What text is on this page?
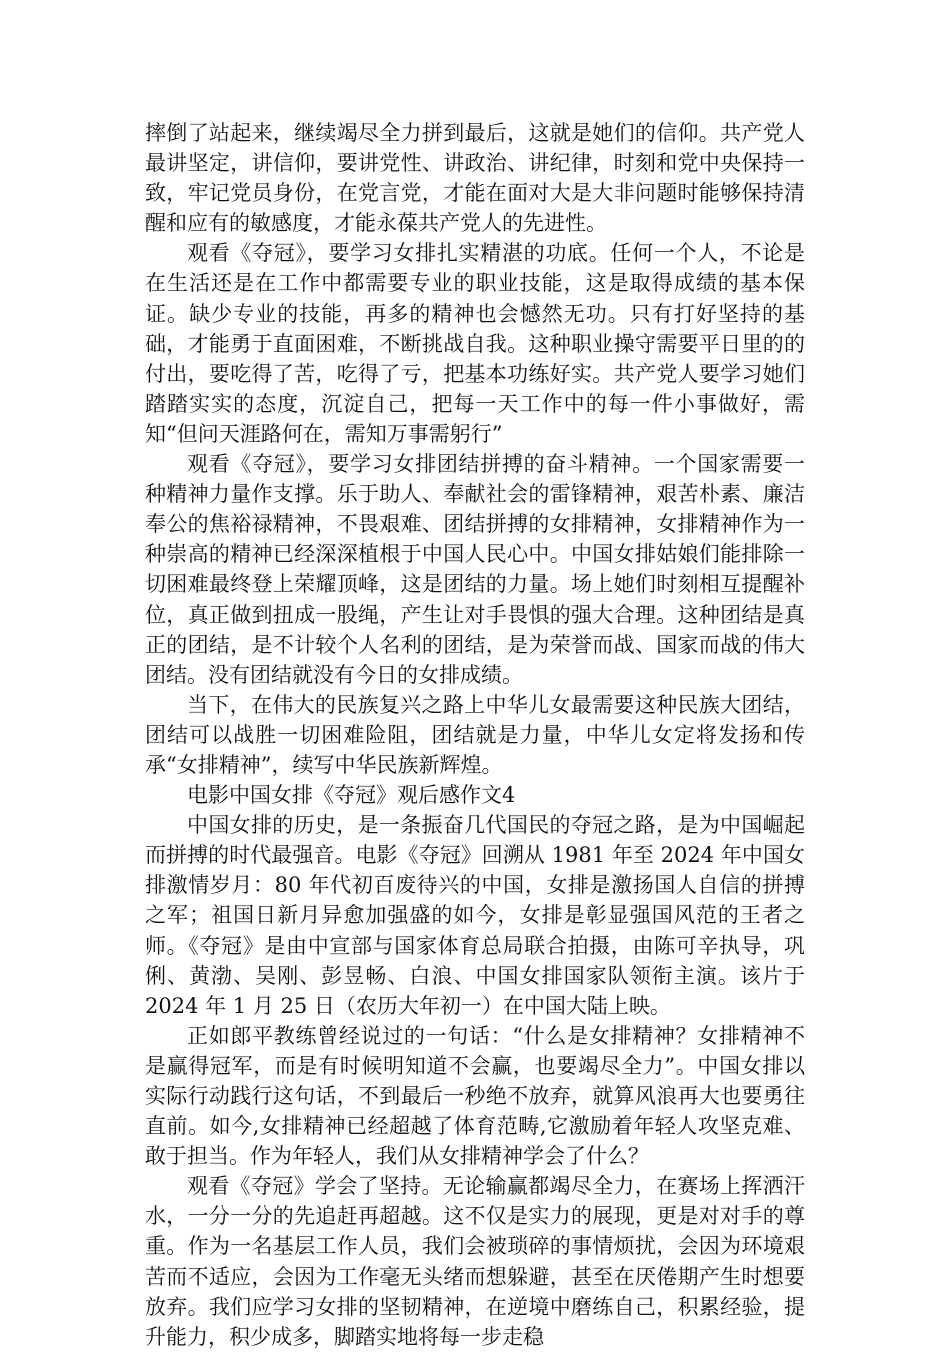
摔倒了站起来，继续竭尽全力拼到最后，这就是她们的信仰。共产党人最讲坚定，讲信仰，要讲党性、讲政治、讲纪律，时刻和党中央保持一致，牢记党员身份，在党言党，才能在面对大是大非问题时能够保持清醒和应有的敏感度，才能永葆共产党人的先进性。

观看《夺冠》，要学习女排扎实精湛的功底。任何一个人，不论是在生活还是在工作中都需要专业的职业技能，这是取得成绩的基本保证。缺少专业的技能，再多的精神也会憾然无功。只有打好坚持的基础，才能勇于直面困难，不断挑战自我。这种职业操守需要平日里的的付出，要吃得了苦，吃得了亏，把基本功练好实。共产党人要学习她们踏踏实实的态度，沉淀自己，把每一天工作中的每一件小事做好，需知“但问天涯路何在，需知万事需躬行”

观看《夺冠》，要学习女排团结拼搏的奋斗精神。一个国家需要一种精神力量作支撑。乐于助人、奉献社会的雷锋精神，艰苦朴素、廉洁奉公的焦裕禄精神，不畏艰难、团结拼搏的女排精神，女排精神作为一种崇高的精神已经深深植根于中国人民心中。中国女排姑娘们能排除一切困难最终登上荣耀顶峰，这是团结的力量。场上她们时刻相互提醒补位，真正做到扭成一股绳，产生让对手畏惧的强大合理。这种团结是真正的团结，是不计较个人名利的团结，是为荣誉而战、国家而战的伟大团结。没有团结就没有今日的女排成绩。

当下，在伟大的民族复兴之路上中华儿女最需要这种民族大团结，团结可以战胜一切困难险阻，团结就是力量，中华儿女定将发扬和传承“女排精神”，续写中华民族新辉煌。

电影中国女排《夺冠》观后感作文4

中国女排的历史，是一条振奋几代国民的夺冠之路，是为中国崛起而拼搏的时代最强音。电影《夺冠》回溯从 1981 年至 2024 年中国女排激情岁月：80 年代初百废待兴的中国，女排是激扬国人自信的拼搏之军；祖国日新月异愈加强盛的如今，女排是彰显强国风范的王者之师。《夺冠》是由中宣部与国家体育总局联合拍摄，由陈可辛执导，巩俐、黄渤、吴刚、彭昱畅、白浪、中国女排国家队领衔主演。该片于 2024 年 1 月 25 日（农历大年初一）在中国大陆上映。

正如郎平教练曾经说过的一句话：“什么是女排精神？女排精神不是赢得冠军，而是有时候明知道不会赢，也要竭尽全力”。中国女排以实际行动践行这句话，不到最后一秒绝不放弃，就算风浪再大也要勇往直前。如今,女排精神已经超越了体育范畴,它激励着年轻人攻坚克难、敢于担当。作为年轻人，我们从女排精神学会了什么？

观看《夺冠》学会了坚持。无论输赢都竭尽全力，在赛场上挥洒汗水，一分一分的先追赶再超越。这不仅是实力的展现，更是对对手的尊重。作为一名基层工作人员，我们会被琐碎的事情烦扰，会因为环境艰苦而不适应，会因为工作毫无头绪而想躲避，甚至在厌倦期产生时想要放弃。我们应学习女排的坚韧精神，在逆境中磨练自己，积累经验，提升能力，积少成多，脚踏实地将每一步走稳
